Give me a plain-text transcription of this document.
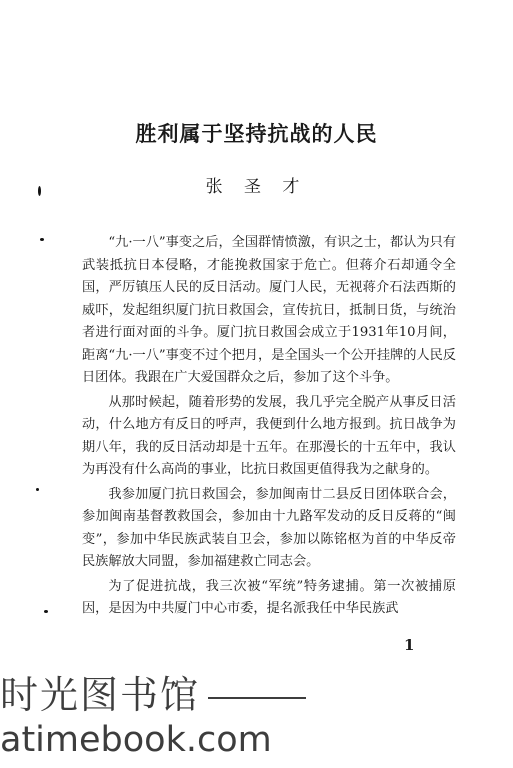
胜利属于坚持抗战的人民
张 圣 才

“九·一八”事变之后，全国群情愤激，有识之士，都认为只有武装抵抗日本侵略，才能挽救国家于危亡。但蒋介石却通令全国，严厉镇压人民的反日活动。厦门人民，无视蒋介石法西斯的威吓，发起组织厦门抗日救国会，宣传抗日，抵制日货，与统治者进行面对面的斗争。厦门抗日救国会成立于1931年10月间，距离“九·一八”事变不过个把月，是全国头一个公开挂牌的人民反日团体。我跟在广大爱国群众之后，参加了这个斗争。

从那时候起，随着形势的发展，我几乎完全脱产从事反日活动，什么地方有反日的呼声，我便到什么地方报到。抗日战争为期八年，我的反日活动却是十五年。在那漫长的十五年中，我认为再没有什么高尚的事业，比抗日救国更值得我为之献身的。

我参加厦门抗日救国会，参加闽南廿二县反日团体联合会，参加闽南基督教救国会，参加由十九路军发动的反日反蒋的“闽变”，参加中华民族武装自卫会，参加以陈铭枢为首的中华反帝民族解放大同盟，参加福建救亡同志会。

为了促进抗战，我三次被“军统”特务逮捕。第一次被捕原因，是因为中共厦门中心市委，提名派我任中华民族武

1
时光图书馆
atimebook.com
